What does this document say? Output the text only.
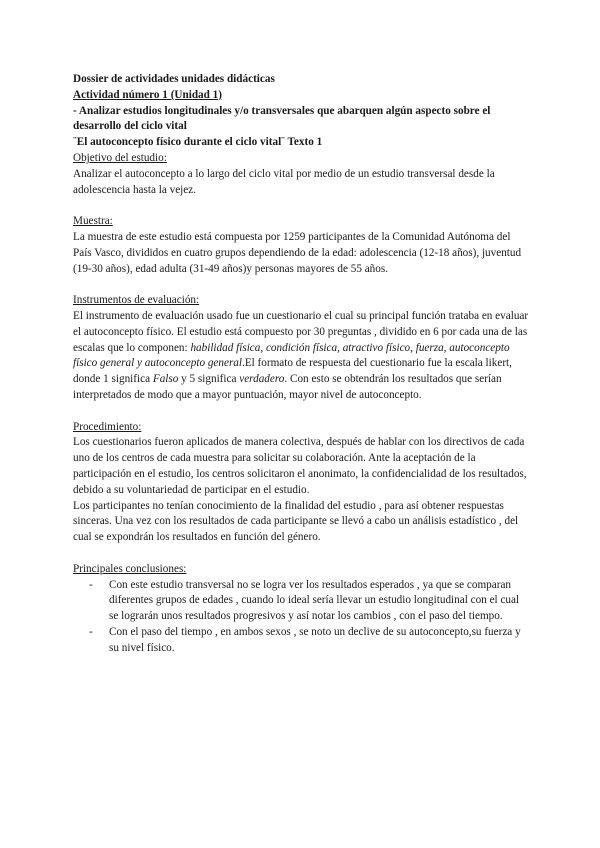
Dossier de actividades unidades didácticas
Actividad número 1 (Unidad 1)
- Analizar estudios longitudinales y/o transversales que abarquen algún aspecto sobre el desarrollo del ciclo vital
¨El autoconcepto físico durante el ciclo vital¨ Texto 1
Objetivo del estudio:
Analizar el autoconcepto a lo largo del ciclo vital por medio de un estudio transversal desde la adolescencia hasta la vejez.
Muestra:
La muestra de este estudio está compuesta por 1259 participantes de la Comunidad Autónoma del País Vasco, divididos en cuatro grupos dependiendo de la edad: adolescencia (12-18 años), juventud (19-30 años), edad adulta (31-49 años)y personas mayores de 55 años.
Instrumentos de evaluación:
El instrumento de evaluación usado fue un cuestionario el cual su principal función trataba en evaluar el autoconcepto físico. El estudio está compuesto por 30 preguntas , dividido en 6 por cada una de las escalas que lo componen: habilidad física, condición física, atractivo físico, fuerza, autoconcepto físico general y autoconcepto general.El formato de respuesta del cuestionario fue la escala likert, donde 1 significa Falso y 5 significa verdadero. Con esto se obtendrán los resultados que serían interpretados de modo que a mayor puntuación, mayor nivel de autoconcepto.
Procedimiento:
Los cuestionarios fueron aplicados de manera colectiva, después de hablar con los directivos de cada uno de los centros de cada muestra para solicitar su colaboración. Ante la aceptación de la participación en el estudio, los centros solicitaron el anonimato, la confidencialidad de los resultados, debido a su voluntariedad de participar en el estudio.
Los participantes no tenían conocimiento de la finalidad del estudio , para así obtener respuestas sinceras. Una vez con los resultados de cada participante se llevó a cabo un análisis estadístico , del cual se expondrán los resultados en función del género.
Principales conclusiones:
- Con este estudio transversal no se logra ver los resultados esperados , ya que se comparan diferentes grupos de edades , cuando lo ideal sería llevar un estudio longitudinal con el cual se lograrán unos resultados progresivos y así notar los cambios , con el paso del tiempo.
- Con el paso del tiempo , en ambos sexos , se noto un declive de su autoconcepto,su fuerza y su nivel físico.
